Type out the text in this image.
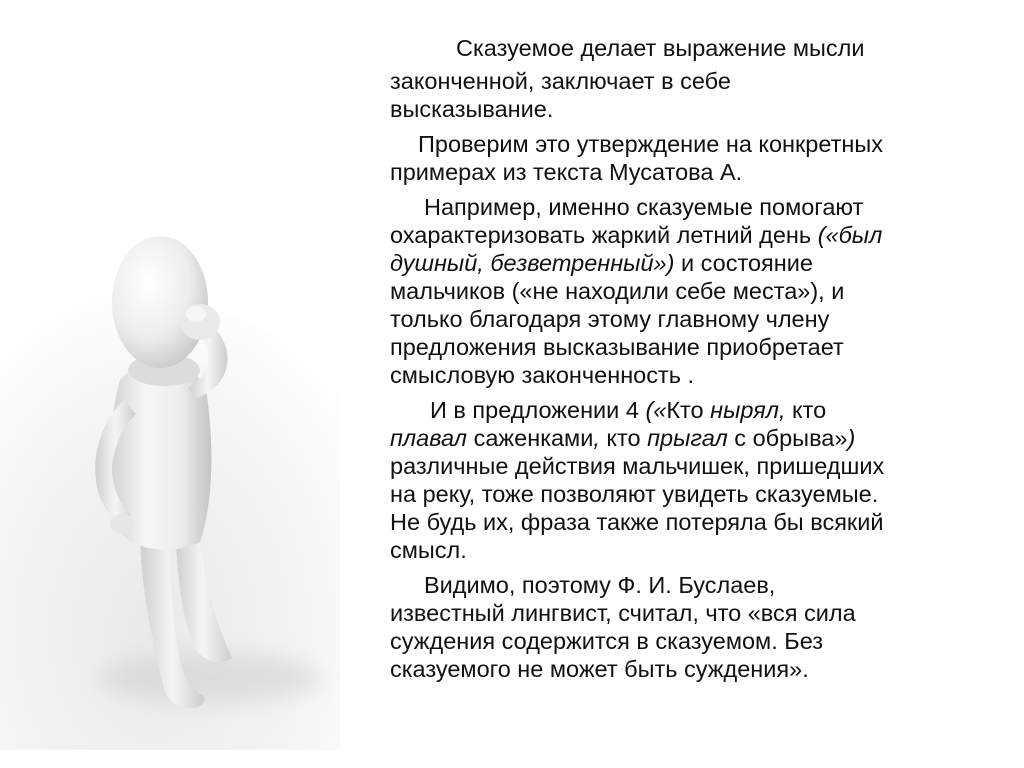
Сказуемое делает выражение мысли
законченной, заключает в себе
высказывание.

Проверим это утверждение на конкретных
примерах из текста Мусатова А.

Например, именно сказуемые помогают
охарактеризовать жаркий летний день («был
душный, безветренный») и состояние
мальчиков («не находили себе места»), и
только благодаря этому главному члену
предложения высказывание приобретает
смысловую законченность .

И в предложении 4 («Кто нырял, кто
плавал саженками, кто прыгал с обрыва»)
различные действия мальчишек, пришедших
на реку, тоже позволяют увидеть сказуемые.
Не будь их, фраза также потеряла бы всякий
смысл.

Видимо, поэтому Ф. И. Буслаев,
известный лингвист, считал, что «вся сила
суждения содержится в сказуемом. Без
сказуемого не может быть суждения».
